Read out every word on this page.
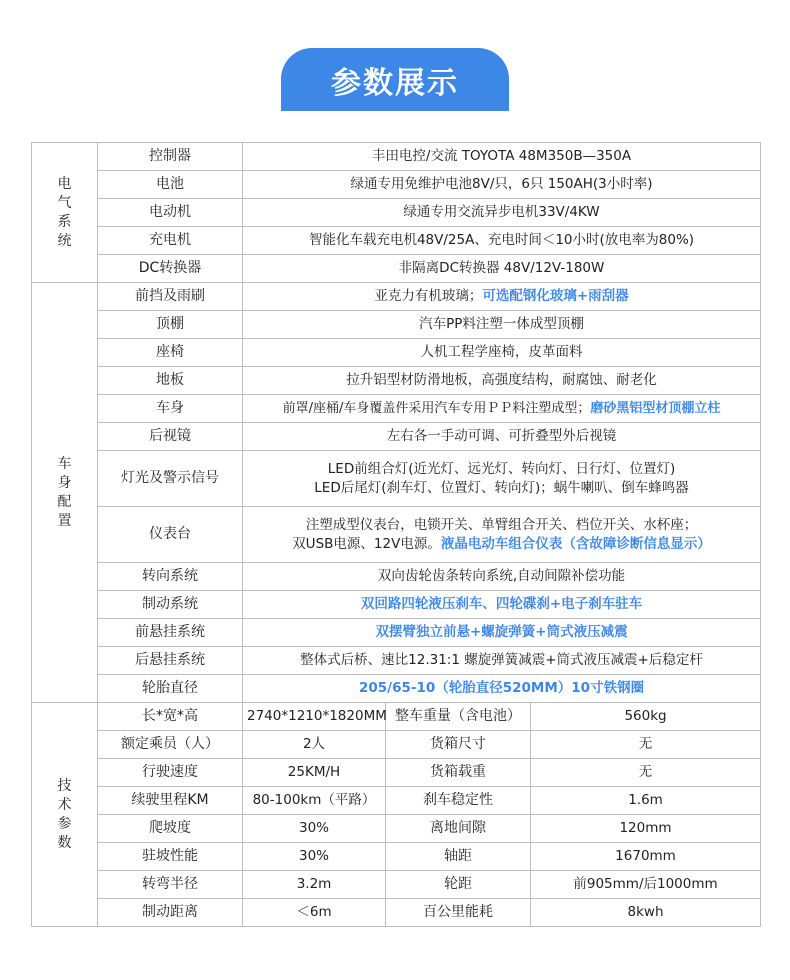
参数展示
电气系统	控制器	丰田电控/交流 TOYOTA 48M350B—350A		
	电池	绿通专用免维护电池8V/只，6只 150AH(3小时率)		
	电动机	绿通专用交流异步电机33V/4KW		
	充电机	智能化车载充电机48V/25A、充电时间＜10小时(放电率为80%)		
	DC转换器	非隔离DC转换器 48V/12V-180W		

车身配置	前挡及雨刷	亚克力有机玻璃；可选配钢化玻璃+雨刮器		
	顶棚	汽车PP料注塑一体成型顶棚		
	座椅	人机工程学座椅，皮革面料		
	地板	拉升铝型材防滑地板，高强度结构，耐腐蚀、耐老化		
	车身	前罩/座桶/车身覆盖件采用汽车专用ＰＰ料注塑成型；磨砂黑铝型材顶棚立柱		
	后视镜	左右各一手动可调、可折叠型外后视镜		
	灯光及警示信号	LED前组合灯(近光灯、远光灯、转向灯、日行灯、位置灯)
LED后尾灯(刹车灯、位置灯、转向灯)；蜗牛喇叭、倒车蜂鸣器		

	仪表台	注塑成型仪表台，电锁开关、单臂组合开关、档位开关、水杯座；
双USB电源、12V电源。液晶电动车组合仪表（含故障诊断信息显示）		

	转向系统	双向齿轮齿条转向系统,自动间隙补偿功能		
	制动系统	双回路四轮液压刹车、四轮碟刹+电子刹车驻车		
	前悬挂系统	双摆臂独立前悬+螺旋弹簧+筒式液压减震		
	后悬挂系统	整体式后桥、速比12.31:1 螺旋弹簧减震+筒式液压减震+后稳定杆		
	轮胎直径	205/65-10（轮胎直径520MM）10寸铁钢圈		

技术参数	长*宽*高	2740*1210*1820MM	整车重量（含电池）	560kg
	额定乘员（人）	2人	货箱尺寸	无
	行驶速度	25KM/H	货箱载重	无
	续驶里程KM	80-100km（平路）	刹车稳定性	1.6m
	爬坡度	30%	离地间隙	120mm
	驻坡性能	30%	轴距	1670mm
	转弯半径	3.2m	轮距	前905mm/后1000mm
	制动距离	＜6m	百公里能耗	8kwh
